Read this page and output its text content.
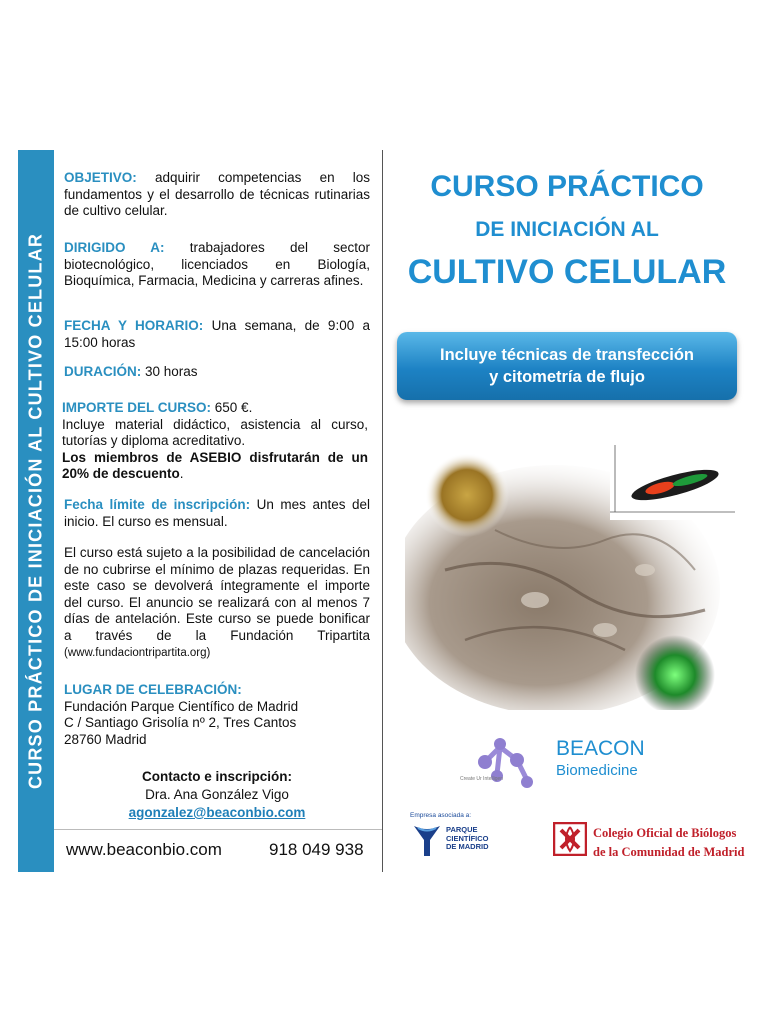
CURSO PRÁCTICO DE INICIACIÓN AL CULTIVO CELULAR
OBJETIVO: adquirir competencias en los fundamentos y el desarrollo de técnicas rutinarias de cultivo celular.
DIRIGIDO A: trabajadores del sector biotecnológico, licenciados en Biología, Bioquímica, Farmacia, Medicina y carreras afines.
FECHA Y HORARIO: Una semana, de 9:00 a 15:00 horas
DURACIÓN: 30 horas
IMPORTE DEL CURSO: 650 €.
Incluye material didáctico, asistencia al curso, tutorías y diploma acreditativo.
Los miembros de ASEBIO disfrutarán de un 20% de descuento.
Fecha límite de inscripción: Un mes antes del inicio. El curso es mensual.
El curso está sujeto a la posibilidad de cancelación de no cubrirse el mínimo de plazas requeridas. En este caso se devolverá íntegramente el importe del curso. El anuncio se realizará con al menos 7 días de antelación. Este curso se puede bonificar a través de la Fundación Tripartita (www.fundaciontripartita.org)
LUGAR DE CELEBRACIÓN:
Fundación Parque Científico de Madrid
C / Santiago Grisolía nº 2, Tres Cantos
28760 Madrid
Contacto e inscripción:
Dra. Ana González Vigo
agonzalez@beaconbio.com
www.beaconbio.com	918 049 938
CURSO PRÁCTICO
DE INICIACIÓN AL
CULTIVO CELULAR
Incluye técnicas de transfección
y citometría de flujo
Create Ur Intelligen
BEACON
Biomedicine
Empresa asociada a:
PARQUE
CIENTÍFICO
DE MADRID
Colegio Oficial de Biólogos
de la Comunidad de Madrid
